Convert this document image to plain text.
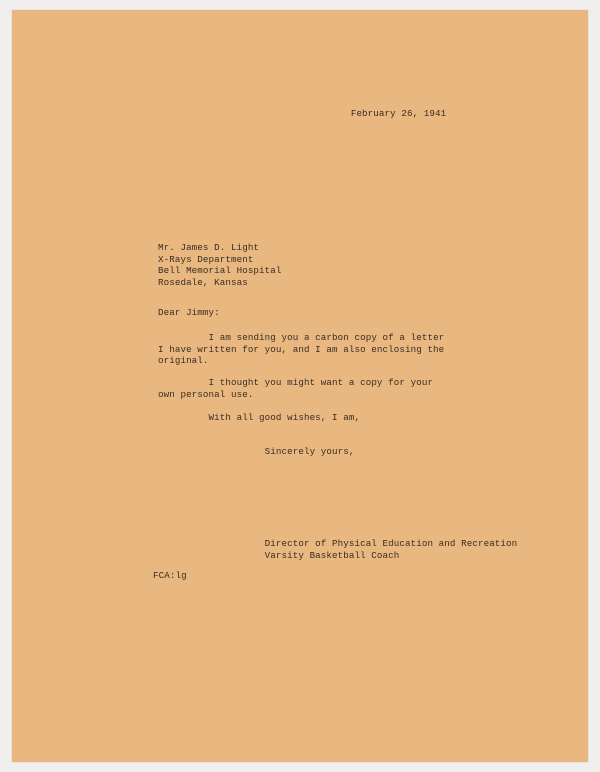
February 26, 1941
Mr. James D. Light
X-Rays Department
Bell Memorial Hospital
Rosedale, Kansas
Dear Jimmy:
I am sending you a carbon copy of a letter
I have written for you, and I am also enclosing the
original.
I thought you might want a copy for your
own personal use.
With all good wishes, I am,
Sincerely yours,
Director of Physical Education and Recreation
Varsity Basketball Coach
FCA:lg
